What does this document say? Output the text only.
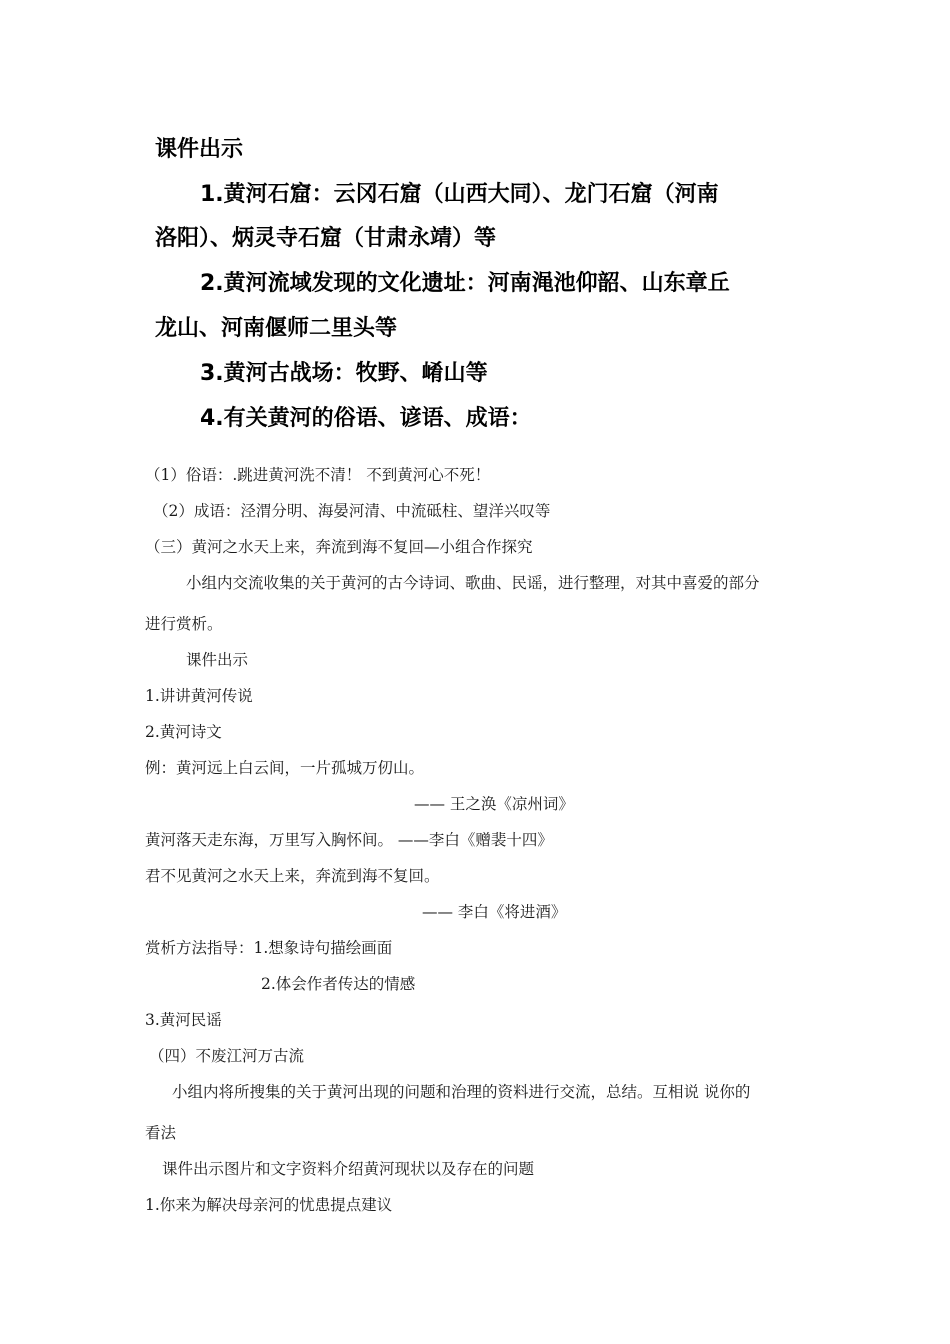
课件出示
1.黄河石窟：云冈石窟（山西大同）、龙门石窟（河南
洛阳）、炳灵寺石窟（甘肃永靖）等
2.黄河流域发现的文化遗址：河南渑池仰韶、山东章丘
龙山、河南偃师二里头等
3.黄河古战场：牧野、崤山等
4.有关黄河的俗语、谚语、成语：
（1）俗语：.跳进黄河洗不清！ 不到黄河心不死！
（2）成语：泾渭分明、海晏河清、中流砥柱、望洋兴叹等
（三）黄河之水天上来，奔流到海不复回—小组合作探究
小组内交流收集的关于黄河的古今诗词、歌曲、民谣，进行整理，对其中喜爱的部分
进行赏析。
课件出示
1.讲讲黄河传说
2.黄河诗文
例：黄河远上白云间，一片孤城万仞山。
—— 王之涣《凉州词》
黄河落天走东海，万里写入胸怀间。 ——李白《赠裴十四》
君不见黄河之水天上来，奔流到海不复回。
—— 李白《将进酒》
赏析方法指导：1.想象诗句描绘画面
2.体会作者传达的情感
3.黄河民谣
（四）不废江河万古流
小组内将所搜集的关于黄河出现的问题和治理的资料进行交流，总结。互相说 说你的
看法
课件出示图片和文字资料介绍黄河现状以及存在的问题
1.你来为解决母亲河的忧患提点建议
